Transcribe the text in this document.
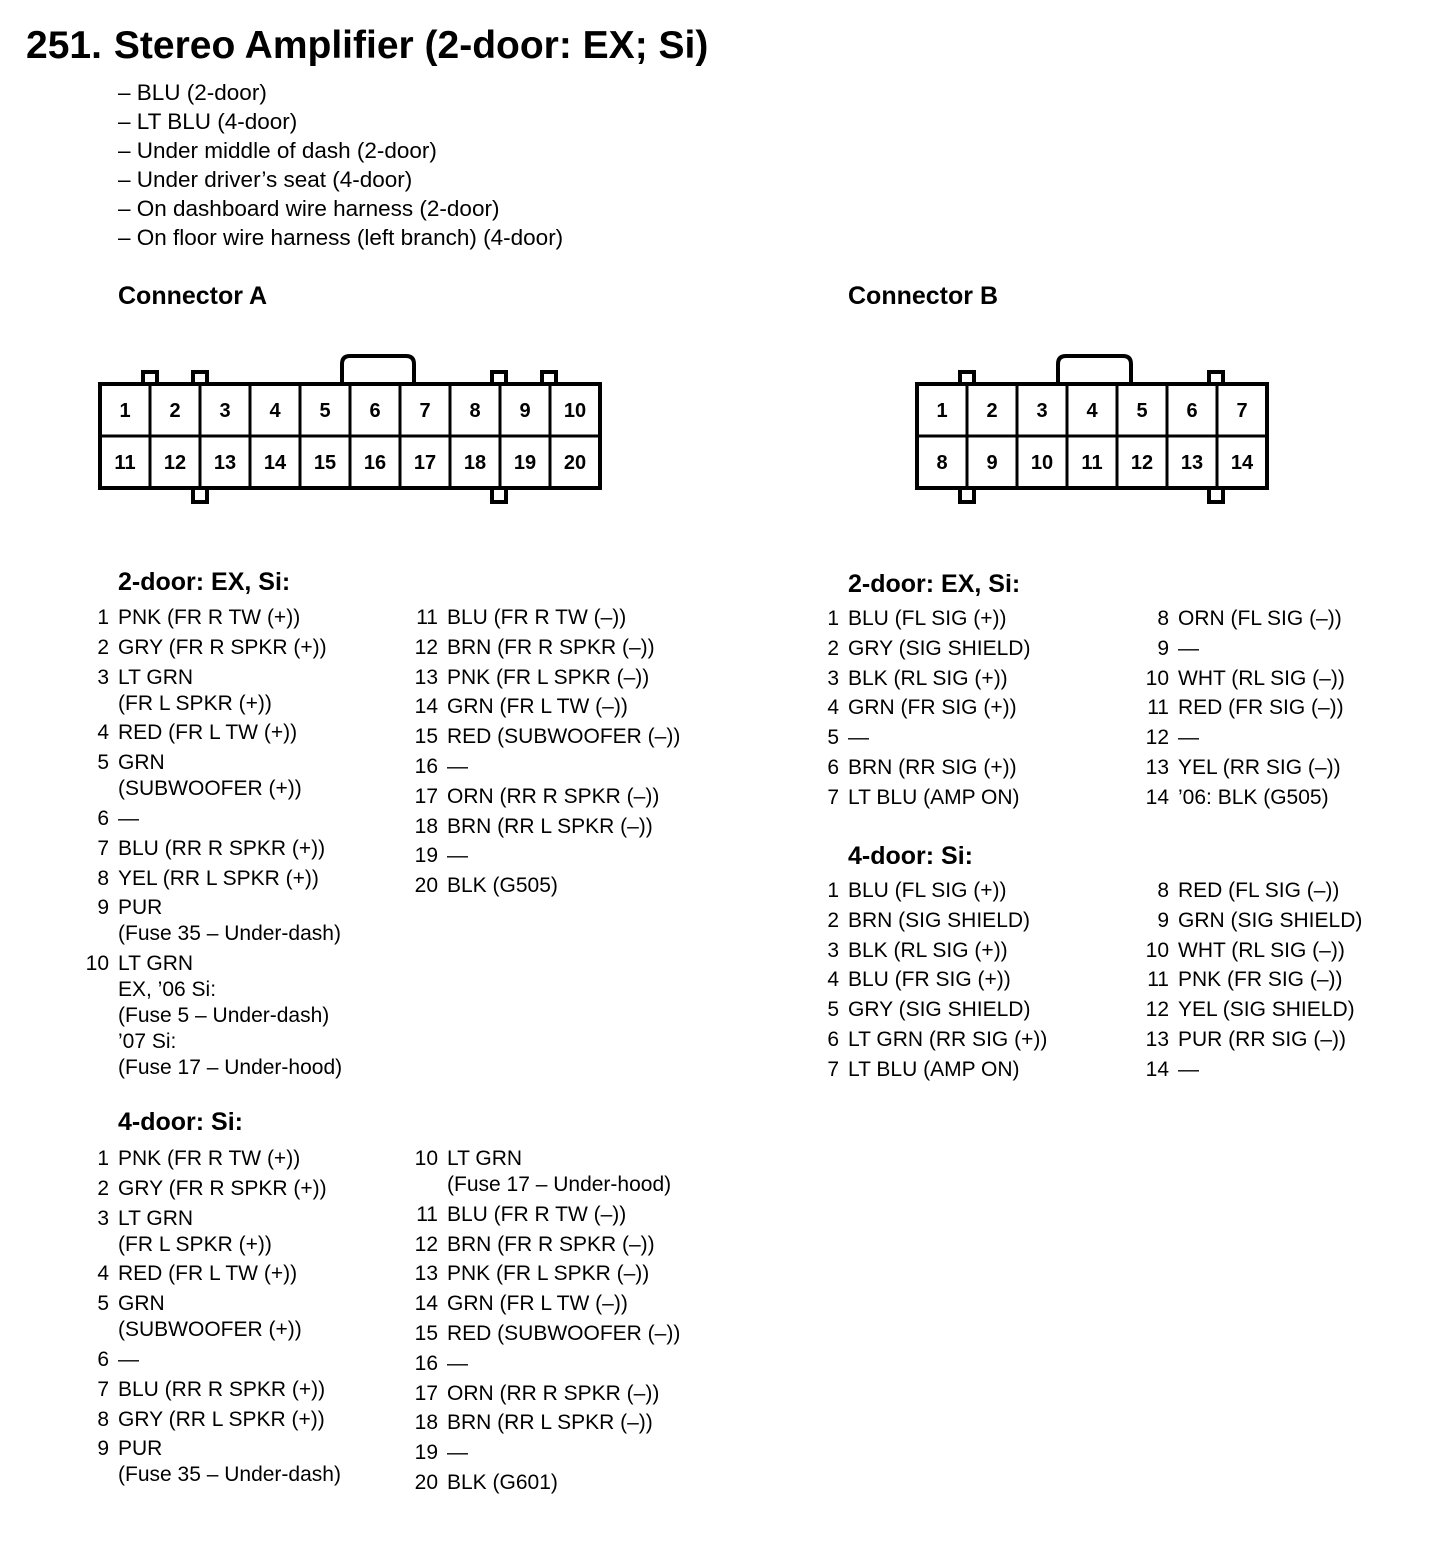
251. Stereo Amplifier (2-door: EX; Si)
– BLU (2-door)
– LT BLU (4-door)
– Under middle of dash (2-door)
– Under driver’s seat (4-door)
– On dashboard wire harness (2-door)
– On floor wire harness (left branch) (4-door)
Connector A	Connector B
1 2 3 4 5 6 7 8 9 10
11 12 13 14 15 16 17 18 19 20
1 2 3 4 5 6 7
8 9 10 11 12 13 14
2-door: EX, Si:
1 PNK (FR R TW (+))
2 GRY (FR R SPKR (+))
3 LT GRN
(FR L SPKR (+))
4 RED (FR L TW (+))
5 GRN
(SUBWOOFER (+))
6 —
7 BLU (RR R SPKR (+))
8 YEL (RR L SPKR (+))
9 PUR
(Fuse 35 – Under-dash)
10 LT GRN
EX, ’06 Si:
(Fuse 5 – Under-dash)
’07 Si:
(Fuse 17 – Under-hood)
11 BLU (FR R TW (–))
12 BRN (FR R SPKR (–))
13 PNK (FR L SPKR (–))
14 GRN (FR L TW (–))
15 RED (SUBWOOFER (–))
16 —
17 ORN (RR R SPKR (–))
18 BRN (RR L SPKR (–))
19 —
20 BLK (G505)
4-door: Si:
1 PNK (FR R TW (+))
2 GRY (FR R SPKR (+))
3 LT GRN
(FR L SPKR (+))
4 RED (FR L TW (+))
5 GRN
(SUBWOOFER (+))
6 —
7 BLU (RR R SPKR (+))
8 GRY (RR L SPKR (+))
9 PUR
(Fuse 35 – Under-dash)
10 LT GRN
(Fuse 17 – Under-hood)
11 BLU (FR R TW (–))
12 BRN (FR R SPKR (–))
13 PNK (FR L SPKR (–))
14 GRN (FR L TW (–))
15 RED (SUBWOOFER (–))
16 —
17 ORN (RR R SPKR (–))
18 BRN (RR L SPKR (–))
19 —
20 BLK (G601)
2-door: EX, Si:
1 BLU (FL SIG (+))
2 GRY (SIG SHIELD)
3 BLK (RL SIG (+))
4 GRN (FR SIG (+))
5 —
6 BRN (RR SIG (+))
7 LT BLU (AMP ON)
8 ORN (FL SIG (–))
9 —
10 WHT (RL SIG (–))
11 RED (FR SIG (–))
12 —
13 YEL (RR SIG (–))
14 ’06: BLK (G505)
4-door: Si:
1 BLU (FL SIG (+))
2 BRN (SIG SHIELD)
3 BLK (RL SIG (+))
4 BLU (FR SIG (+))
5 GRY (SIG SHIELD)
6 LT GRN (RR SIG (+))
7 LT BLU (AMP ON)
8 RED (FL SIG (–))
9 GRN (SIG SHIELD)
10 WHT (RL SIG (–))
11 PNK (FR SIG (–))
12 YEL (SIG SHIELD)
13 PUR (RR SIG (–))
14 —
